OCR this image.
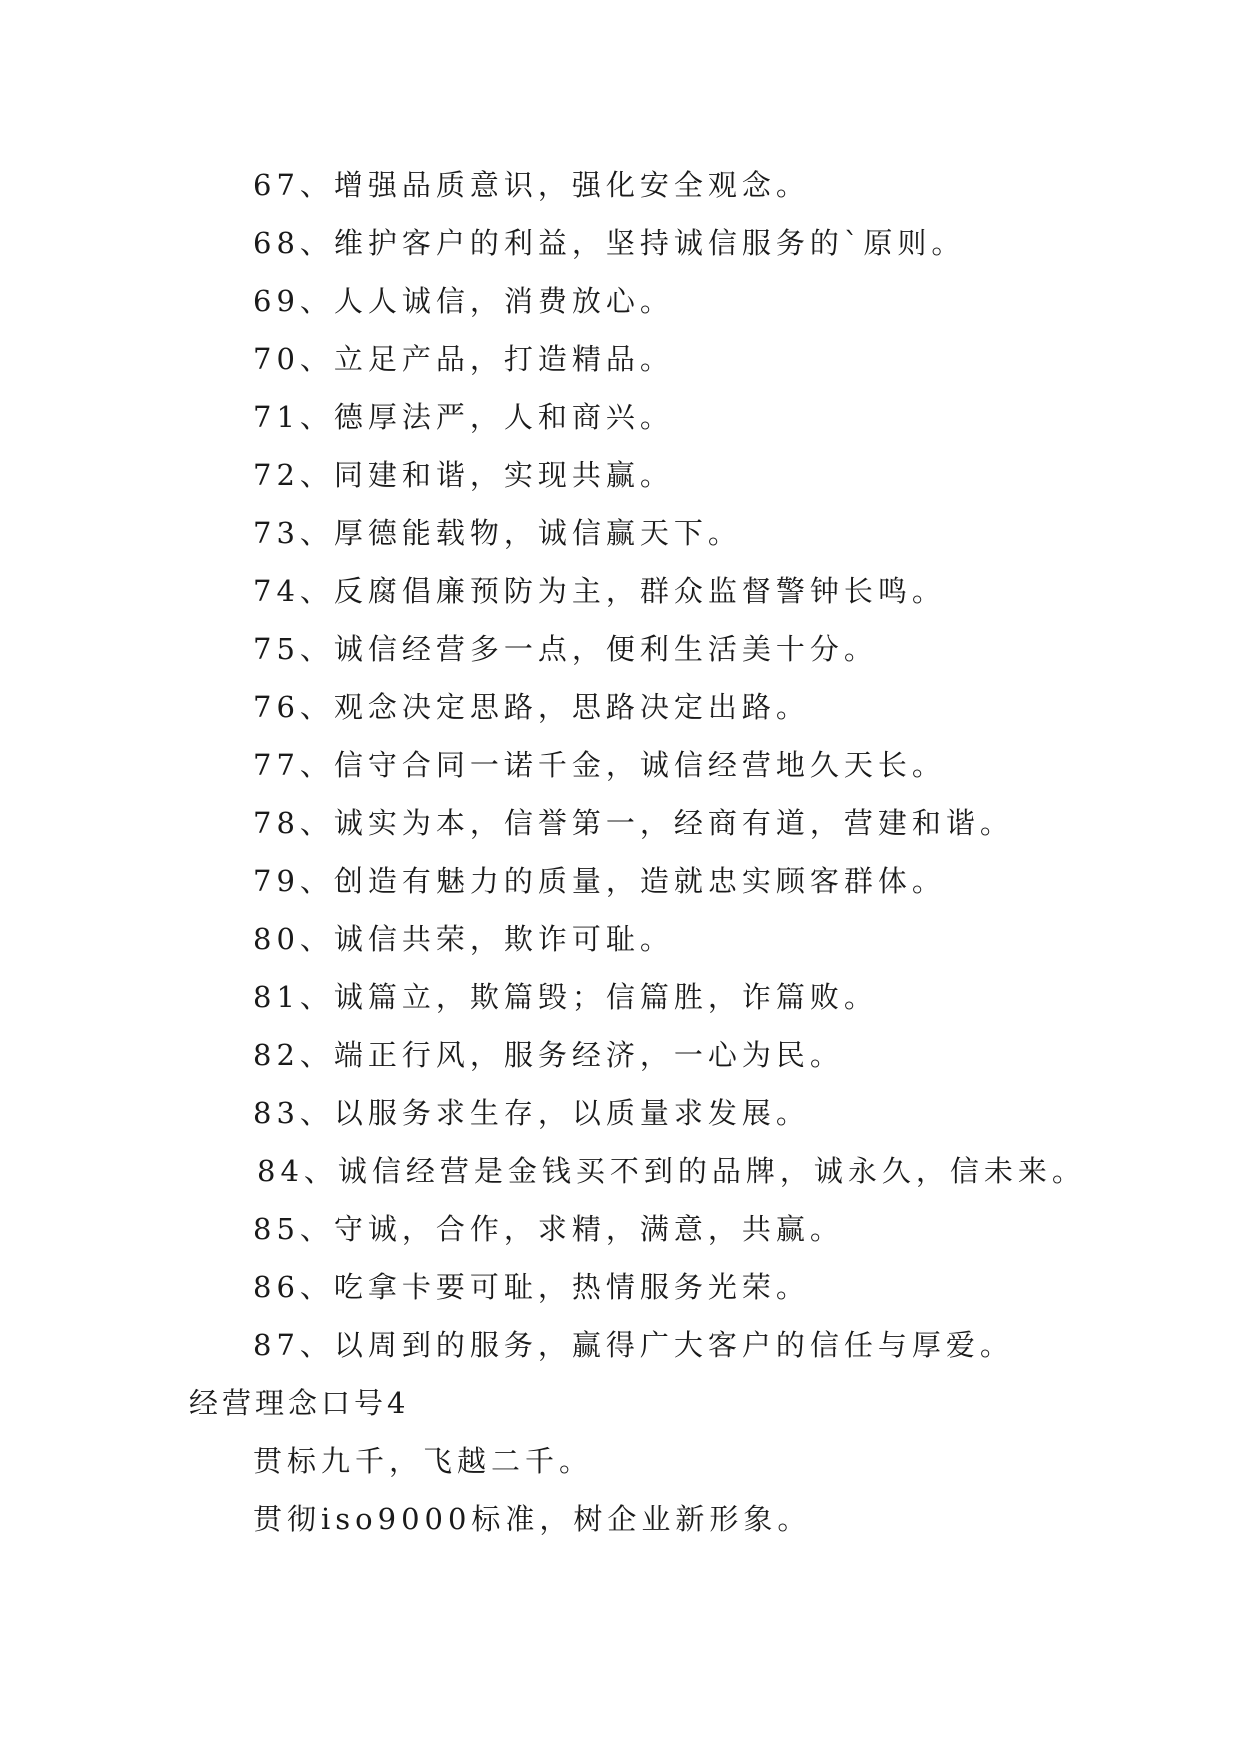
67、增强品质意识，强化安全观念。
68、维护客户的利益，坚持诚信服务的`原则。
69、人人诚信，消费放心。
70、立足产品，打造精品。
71、德厚法严，人和商兴。
72、同建和谐，实现共赢。
73、厚德能载物，诚信赢天下。
74、反腐倡廉预防为主，群众监督警钟长鸣。
75、诚信经营多一点，便利生活美十分。
76、观念决定思路，思路决定出路。
77、信守合同一诺千金，诚信经营地久天长。
78、诚实为本，信誉第一，经商有道，营建和谐。
79、创造有魅力的质量，造就忠实顾客群体。
80、诚信共荣，欺诈可耻。
81、诚篇立，欺篇毁；信篇胜，诈篇败。
82、端正行风，服务经济，一心为民。
83、以服务求生存，以质量求发展。
84、诚信经营是金钱买不到的品牌，诚永久，信未来。
85、守诚，合作，求精，满意，共赢。
86、吃拿卡要可耻，热情服务光荣。
87、以周到的服务，赢得广大客户的信任与厚爱。
经营理念口号4
贯标九千，飞越二千。
贯彻iso9000标准，树企业新形象。
